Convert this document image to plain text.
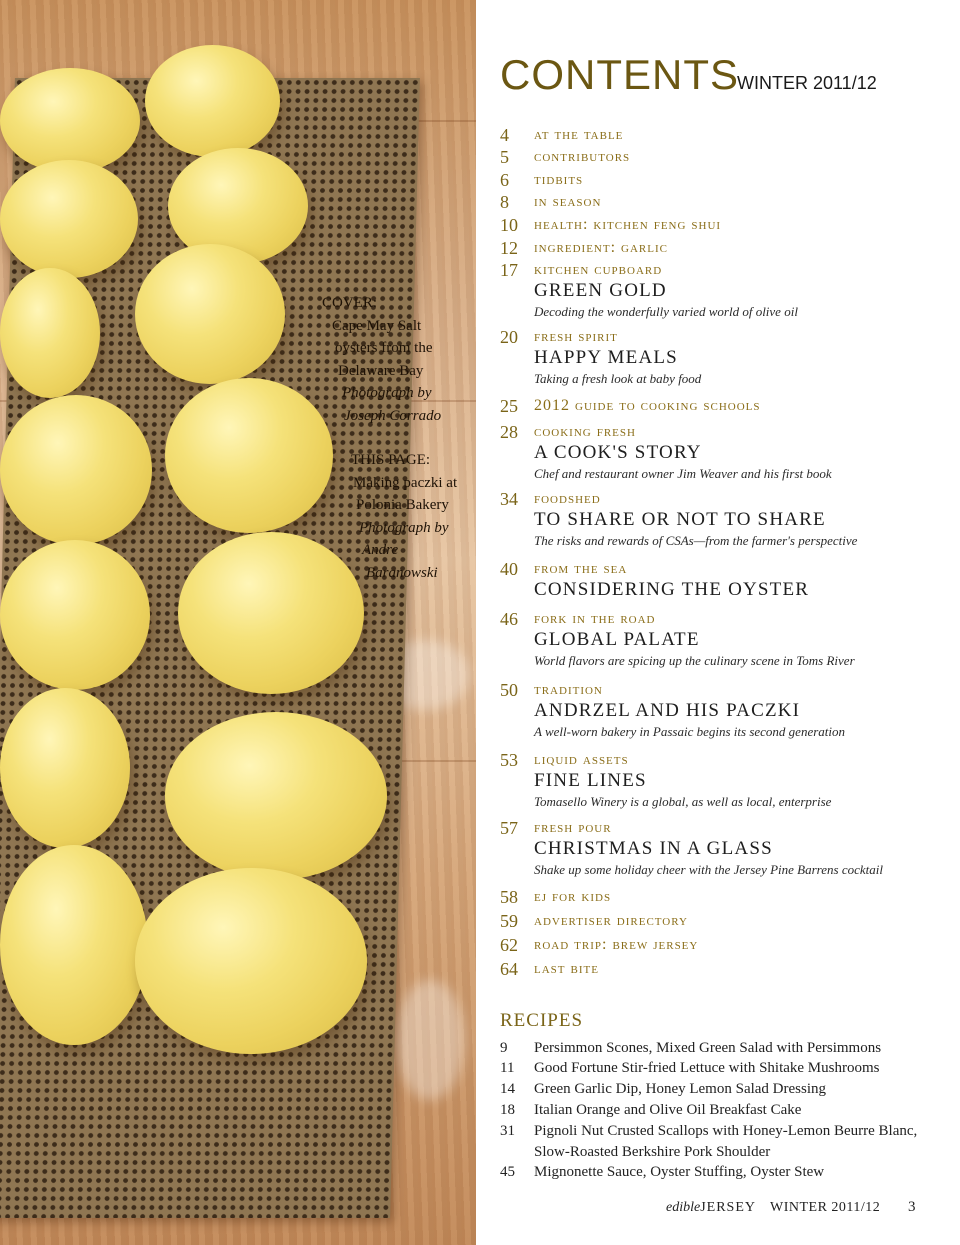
COVER:
Cape May Salt
oysters from the
Delaware Bay
Photograph by
Joseph Corrado
THIS PAGE:
Making paczki at
Polonia Bakery
Photograph by
Andre
Baranowski
CONTENTS
WINTER 2011/12
4 at the table
5 contributors
6 tidbits
8 in season
10 health: kitchen feng shui
12 ingredient: garlic
17 kitchen cupboard
GREEN GOLD
Decoding the wonderfully varied world of olive oil
20 fresh spirit
HAPPY MEALS
Taking a fresh look at baby food
25 2012 guide to cooking schools
28 cooking fresh
A COOK'S STORY
Chef and restaurant owner Jim Weaver and his first book
34 foodshed
TO SHARE OR NOT TO SHARE
The risks and rewards of CSAs—from the farmer's perspective
40 from the sea
CONSIDERING THE OYSTER
46 fork in the road
GLOBAL PALATE
World flavors are spicing up the culinary scene in Toms River
50 tradition
ANDRZEL AND HIS PACZKI
A well-worn bakery in Passaic begins its second generation
53 liquid assets
FINE LINES
Tomasello Winery is a global, as well as local, enterprise
57 fresh pour
CHRISTMAS IN A GLASS
Shake up some holiday cheer with the Jersey Pine Barrens cocktail
58 ej for kids
59 advertiser directory
62 road trip: brew jersey
64 last bite
RECIPES
9 Persimmon Scones, Mixed Green Salad with Persimmons
11 Good Fortune Stir-fried Lettuce with Shitake Mushrooms
14 Green Garlic Dip, Honey Lemon Salad Dressing
18 Italian Orange and Olive Oil Breakfast Cake
31 Pignoli Nut Crusted Scallops with Honey-Lemon Beurre Blanc,
Slow-Roasted Berkshire Pork Shoulder
45 Mignonette Sauce, Oyster Stuffing, Oyster Stew
edibleJERSEY WINTER 2011/12 3
